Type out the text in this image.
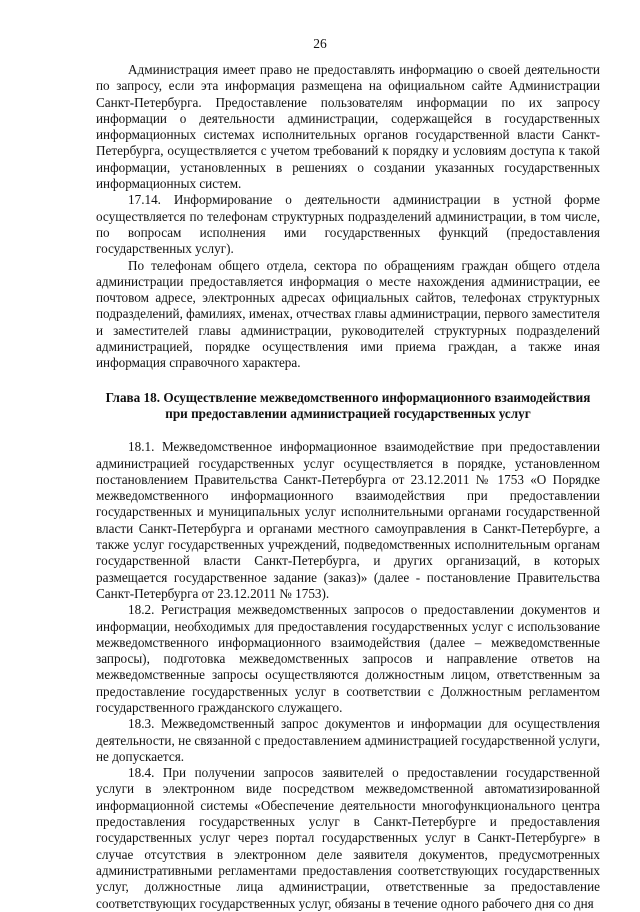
26

Администрация имеет право не предоставлять информацию о своей деятельности по запросу, если эта информация размещена на официальном сайте Администрации Санкт-Петербурга. Предоставление пользователям информации по их запросу информации о деятельности администрации, содержащейся в государственных информационных системах исполнительных органов государственной власти Санкт-Петербурга, осуществляется с учетом требований к порядку и условиям доступа к такой информации, установленных в решениях о создании указанных государственных информационных систем.

17.14. Информирование о деятельности администрации в устной форме осуществляется по телефонам структурных подразделений администрации, в том числе, по вопросам исполнения ими государственных функций (предоставления государственных услуг).

По телефонам общего отдела, сектора по обращениям граждан общего отдела администрации предоставляется информация о месте нахождения администрации, ее почтовом адресе, электронных адресах официальных сайтов, телефонах структурных подразделений, фамилиях, именах, отчествах главы администрации, первого заместителя и заместителей главы администрации, руководителей структурных подразделений администрацией, порядке осуществления ими приема граждан, а также иная информация справочного характера.

Глава 18. Осуществление межведомственного информационного взаимодействия
при предоставлении администрацией государственных услуг

18.1. Межведомственное информационное взаимодействие при предоставлении администрацией государственных услуг осуществляется в порядке, установленном постановлением Правительства Санкт-Петербурга от 23.12.2011 № 1753 «О Порядке межведомственного информационного взаимодействия при предоставлении государственных и муниципальных услуг исполнительными органами государственной власти Санкт-Петербурга и органами местного самоуправления в Санкт-Петербурге, а также услуг государственных учреждений, подведомственных исполнительным органам государственной власти Санкт-Петербурга, и других организаций, в которых размещается государственное задание (заказ)» (далее - постановление Правительства Санкт-Петербурга от 23.12.2011 № 1753).

18.2. Регистрация межведомственных запросов о предоставлении документов и информации, необходимых для предоставления государственных услуг с использование межведомственного информационного взаимодействия (далее – межведомственные запросы), подготовка межведомственных запросов и направление ответов на межведомственные запросы осуществляются должностным лицом, ответственным за предоставление государственных услуг в соответствии с Должностным регламентом государственного гражданского служащего.

18.3. Межведомственный запрос документов и информации для осуществления деятельности, не связанной с предоставлением администрацией государственной услуги, не допускается.

18.4. При получении запросов заявителей о предоставлении государственной услуги в электронном виде посредством межведомственной автоматизированной информационной системы «Обеспечение деятельности многофункционального центра предоставления государственных услуг в Санкт-Петербурге и предоставления государственных услуг через портал государственных услуг в Санкт-Петербурге» в случае отсутствия в электронном деле заявителя документов, предусмотренных административными регламентами предоставления соответствующих государственных услуг, должностные лица администрации, ответственные за предоставление соответствующих государственных услуг, обязаны в течение одного рабочего дня со дня
